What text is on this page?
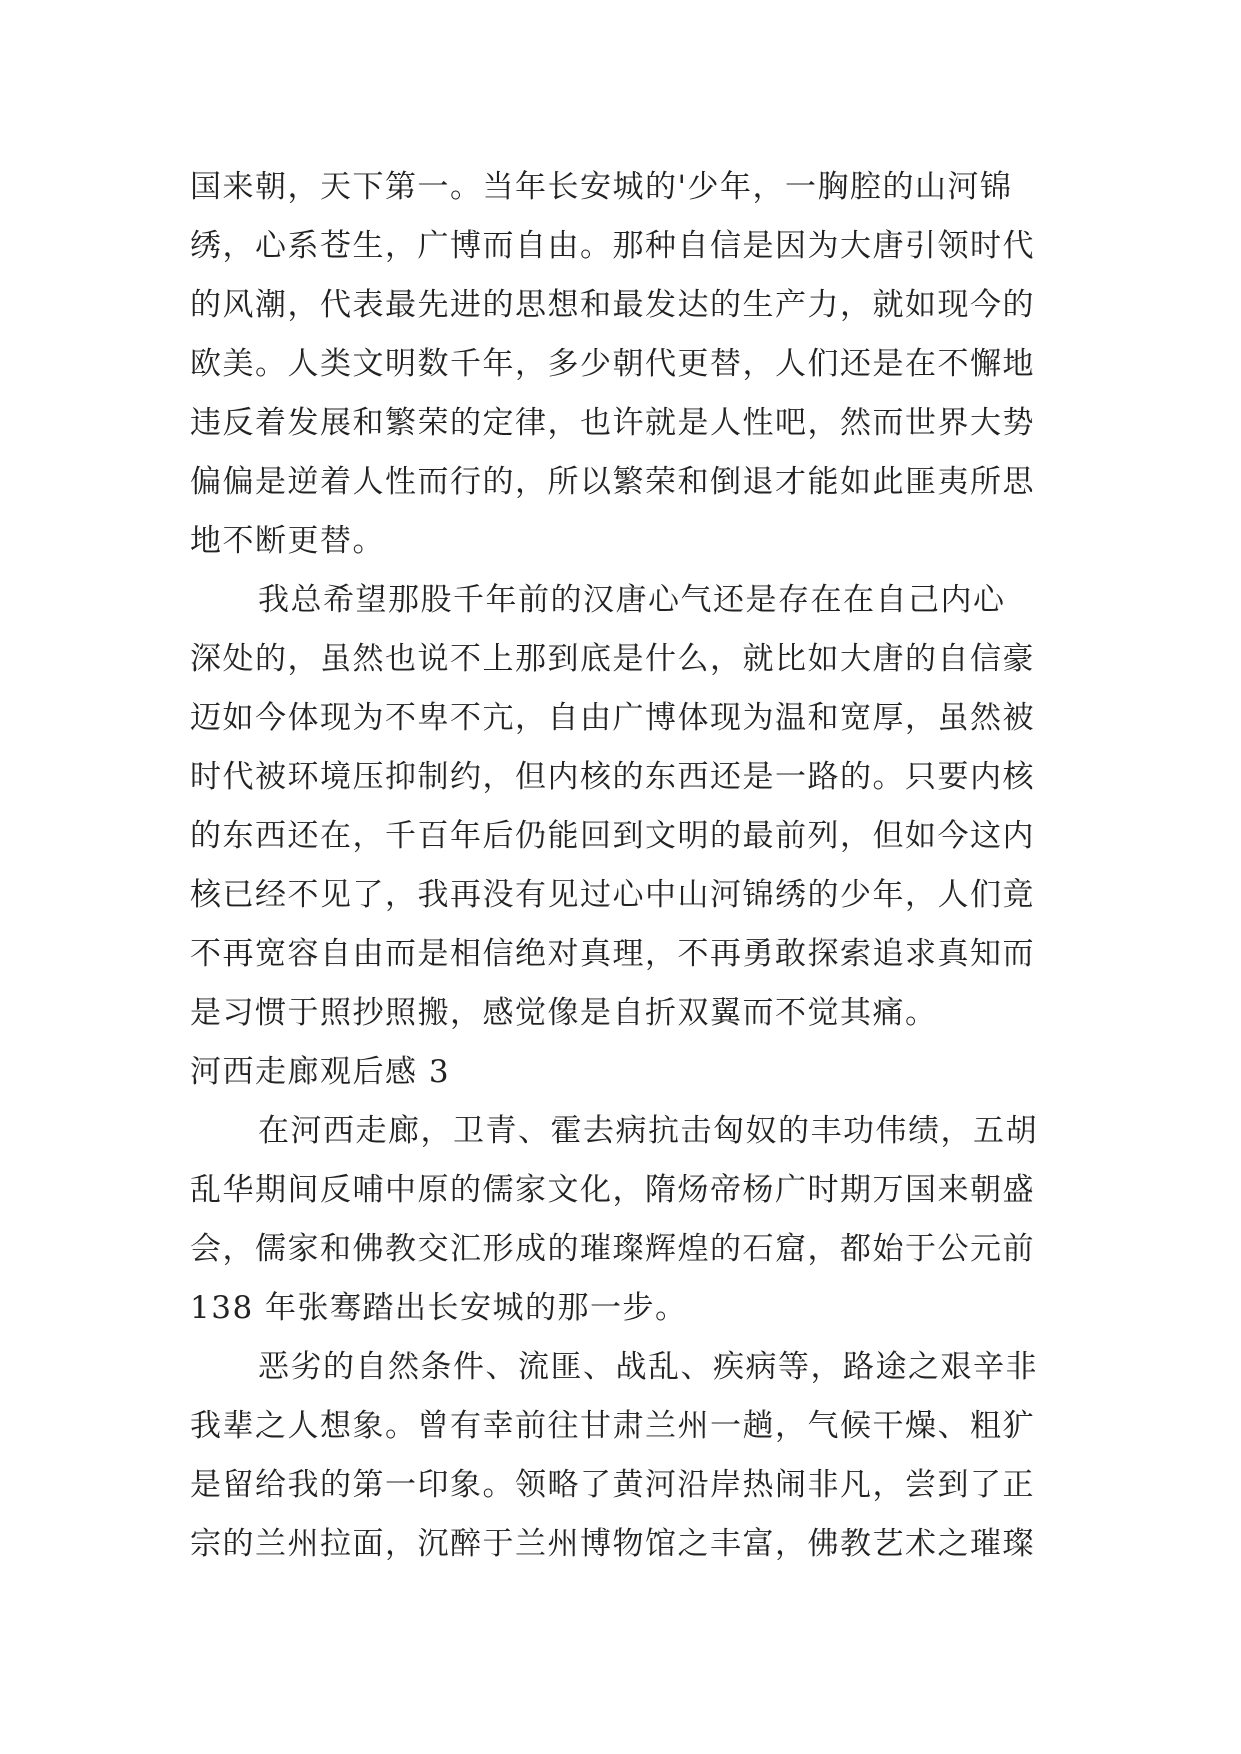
国来朝，天下第一。当年长安城的'少年，一胸腔的山河锦
绣，心系苍生，广博而自由。那种自信是因为大唐引领时代
的风潮，代表最先进的思想和最发达的生产力，就如现今的
欧美。人类文明数千年，多少朝代更替，人们还是在不懈地
违反着发展和繁荣的定律，也许就是人性吧，然而世界大势
偏偏是逆着人性而行的，所以繁荣和倒退才能如此匪夷所思
地不断更替。
我总希望那股千年前的汉唐心气还是存在在自己内心
深处的，虽然也说不上那到底是什么，就比如大唐的自信豪
迈如今体现为不卑不亢，自由广博体现为温和宽厚，虽然被
时代被环境压抑制约，但内核的东西还是一路的。只要内核
的东西还在，千百年后仍能回到文明的最前列，但如今这内
核已经不见了，我再没有见过心中山河锦绣的少年，人们竟
不再宽容自由而是相信绝对真理，不再勇敢探索追求真知而
是习惯于照抄照搬，感觉像是自折双翼而不觉其痛。
河西走廊观后感 3
在河西走廊，卫青、霍去病抗击匈奴的丰功伟绩，五胡
乱华期间反哺中原的儒家文化，隋炀帝杨广时期万国来朝盛
会，儒家和佛教交汇形成的璀璨辉煌的石窟，都始于公元前
138 年张骞踏出长安城的那一步。
恶劣的自然条件、流匪、战乱、疾病等，路途之艰辛非
我辈之人想象。曾有幸前往甘肃兰州一趟，气候干燥、粗犷
是留给我的第一印象。领略了黄河沿岸热闹非凡，尝到了正
宗的兰州拉面，沉醉于兰州博物馆之丰富，佛教艺术之璀璨
